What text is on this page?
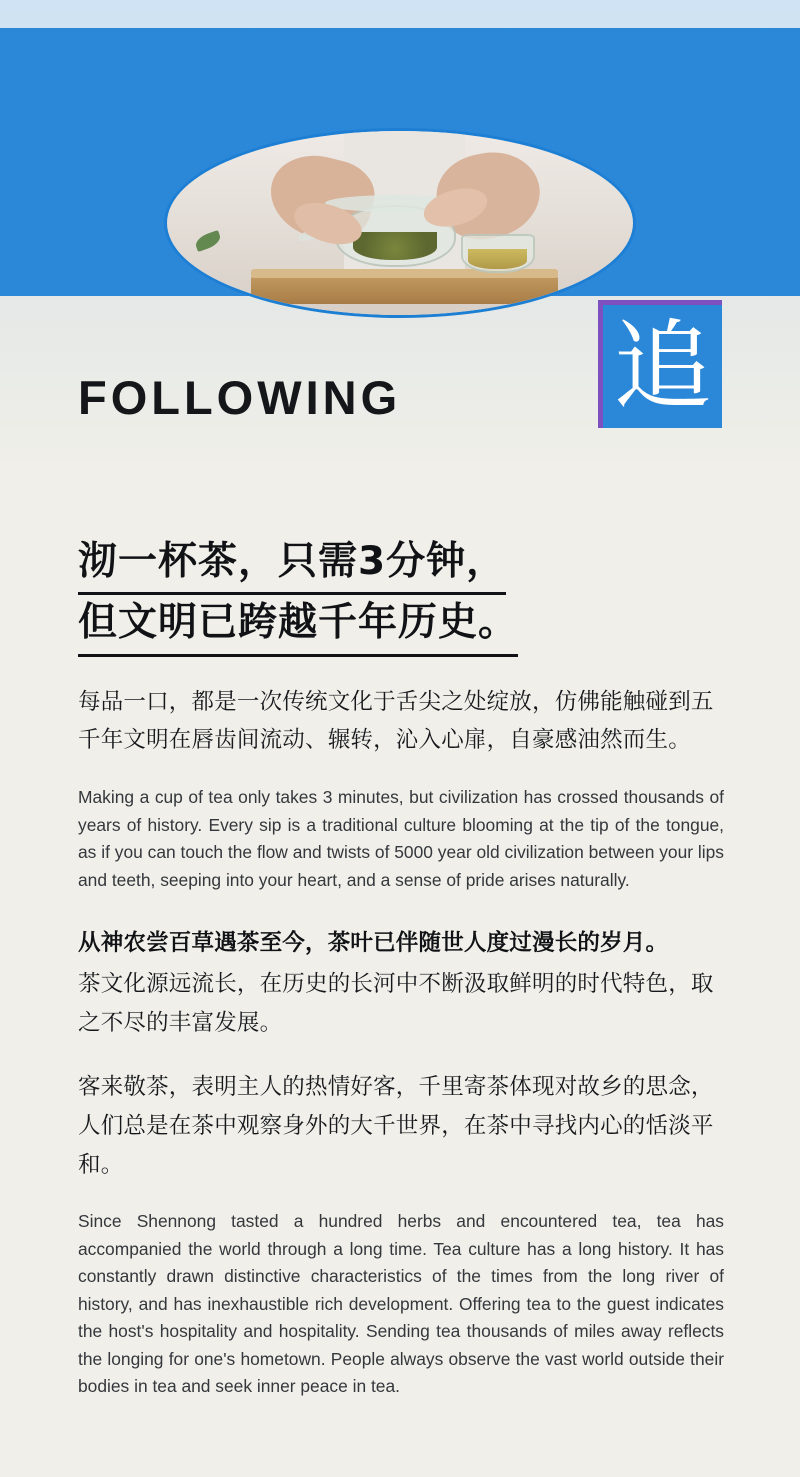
FOLLOWING 追
沏一杯茶，只需3分钟，
但文明已跨越千年历史。

每品一口，都是一次传统文化于舌尖之处绽放，仿佛能触碰到五千年文明在唇齿间流动、辗转，沁入心扉，自豪感油然而生。

Making a cup of tea only takes 3 minutes, but civilization has crossed thousands of years of history. Every sip is a traditional culture blooming at the tip of the tongue, as if you can touch the flow and twists of 5000 year old civilization between your lips and teeth, seeping into your heart, and a sense of pride arises naturally.

从神农尝百草遇茶至今，茶叶已伴随世人度过漫长的岁月。

茶文化源远流长，在历史的长河中不断汲取鲜明的时代特色，取之不尽的丰富发展。

客来敬茶，表明主人的热情好客，千里寄茶体现对故乡的思念，人们总是在茶中观察身外的大千世界，在茶中寻找内心的恬淡平和。

Since Shennong tasted a hundred herbs and encountered tea, tea has accompanied the world through a long time. Tea culture has a long history. It has constantly drawn distinctive characteristics of the times from the long river of history, and has inexhaustible rich development. Offering tea to the guest indicates the host's hospitality and hospitality. Sending tea thousands of miles away reflects the longing for one's hometown. People always observe the vast world outside their bodies in tea and seek inner peace in tea.
